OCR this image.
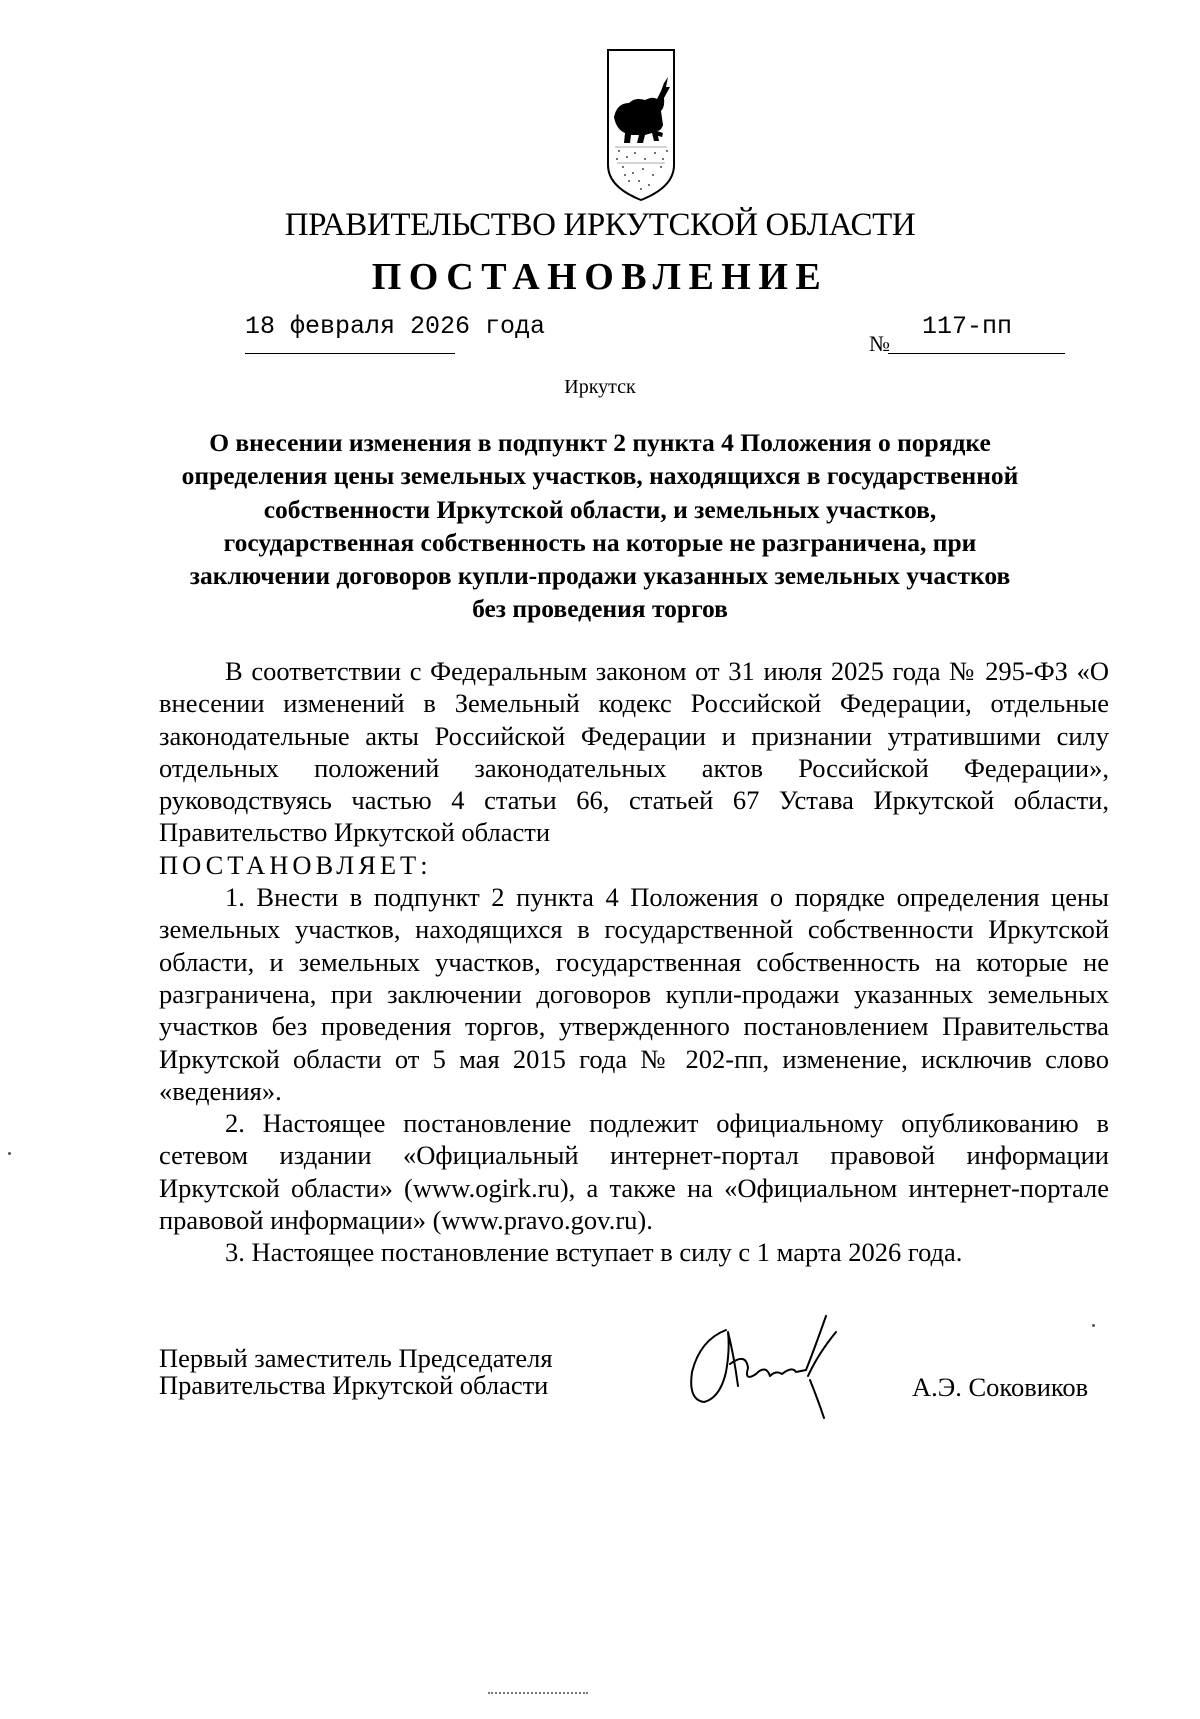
ПРАВИТЕЛЬСТВО ИРКУТСКОЙ ОБЛАСТИ
ПОСТАНОВЛЕНИЕ
18 февраля 2026 года
№
117-пп
Иркутск
О внесении изменения в подпункт 2 пункта 4 Положения о порядке определения цены земельных участков, находящихся в государственной собственности Иркутской области, и земельных участков, государственная собственность на которые не разграничена, при заключении договоров купли-продажи указанных земельных участков без проведения торгов

В соответствии с Федеральным законом от 31 июля 2025 года № 295-ФЗ «О внесении изменений в Земельный кодекс Российской Федерации, отдельные законодательные акты Российской Федерации и признании утратившими силу отдельных положений законодательных актов Российской Федерации», руководствуясь частью 4 статьи 66, статьей 67 Устава Иркутской области, Правительство Иркутской области

ПОСТАНОВЛЯЕТ:

1. Внести в подпункт 2 пункта 4 Положения о порядке определения цены земельных участков, находящихся в государственной собственности Иркутской области, и земельных участков, государственная собственность на которые не разграничена, при заключении договоров купли-продажи указанных земельных участков без проведения торгов, утвержденного постановлением Правительства Иркутской области от 5 мая 2015 года № 202-пп, изменение, исключив слово «ведения».

2. Настоящее постановление подлежит официальному опубликованию в сетевом издании «Официальный интернет-портал правовой информации Иркутской области» (www.ogirk.ru), а также на «Официальном интернет-портале правовой информации» (www.pravo.gov.ru).

3. Настоящее постановление вступает в силу с 1 марта 2026 года.

Первый заместитель Председателя
Правительства Иркутской области	А.Э. Соковиков
